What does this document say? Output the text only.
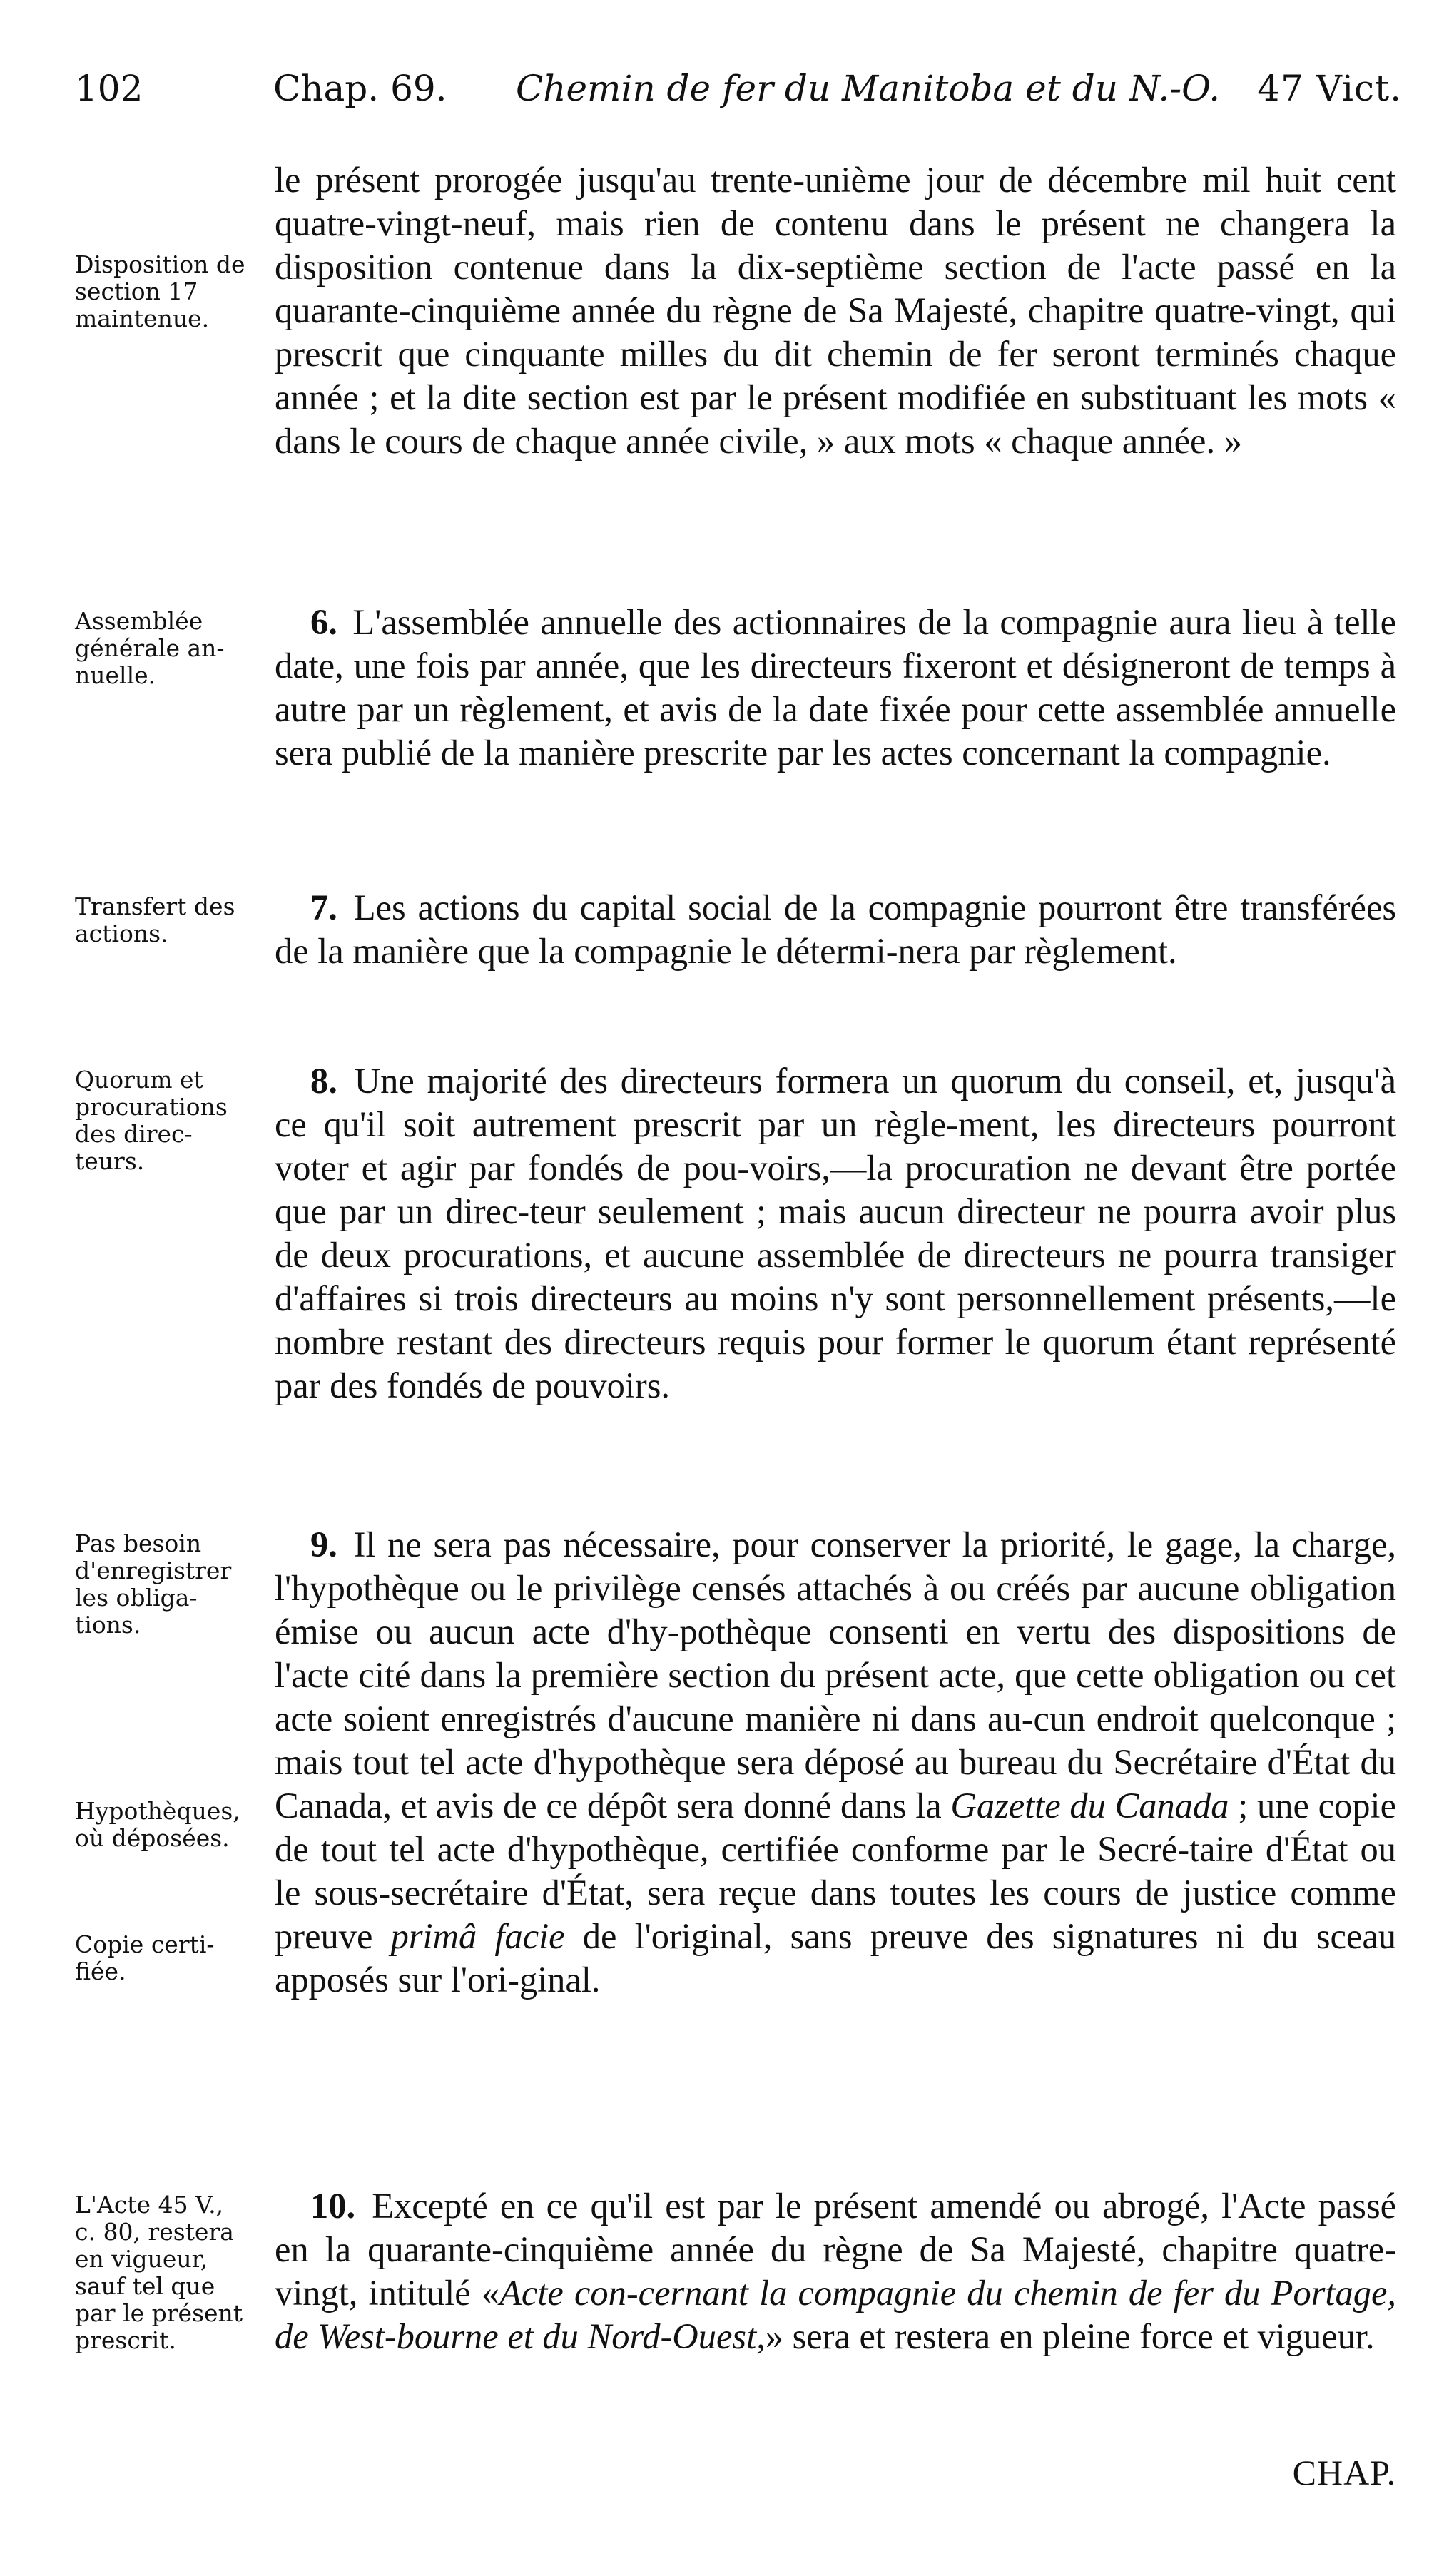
102	Chap. 69. Chemin de fer du Manitoba et du N.-O. 47 Vict.
Disposition de
section 17
maintenue.
Assemblée
générale an-
nuelle.
Transfert des
actions.
Quorum et
procurations
des direc-
teurs.
Pas besoin
d'enregistrer
les obliga-
tions.
Hypothèques,
où déposées.
Copie certi-
fiée.
L'Acte 45 V.,
c. 80, restera
en vigueur,
sauf tel que
par le présent
prescrit.

le présent prorogée jusqu'au trente-unième jour de décembre mil huit cent quatre-vingt-neuf, mais rien de contenu dans le présent ne changera la disposition contenue dans la dix-septième section de l'acte passé en la quarante-cinquième année du règne de Sa Majesté, chapitre quatre-vingt, qui prescrit que cinquante milles du dit chemin de fer seront terminés chaque année ; et la dite section est par le présent modifiée en substituant les mots « dans le cours de chaque année civile, » aux mots « chaque année. »

6. L'assemblée annuelle des actionnaires de la compagnie aura lieu à telle date, une fois par année, que les directeurs fixeront et désigneront de temps à autre par un règlement, et avis de la date fixée pour cette assemblée annuelle sera publié de la manière prescrite par les actes concernant la compagnie.

7. Les actions du capital social de la compagnie pourront être transférées de la manière que la compagnie le détermi-nera par règlement.

8. Une majorité des directeurs formera un quorum du conseil, et, jusqu'à ce qu'il soit autrement prescrit par un règle-ment, les directeurs pourront voter et agir par fondés de pou-voirs,—la procuration ne devant être portée que par un direc-teur seulement ; mais aucun directeur ne pourra avoir plus de deux procurations, et aucune assemblée de directeurs ne pourra transiger d'affaires si trois directeurs au moins n'y sont personnellement présents,—le nombre restant des directeurs requis pour former le quorum étant représenté par des fondés de pouvoirs.

9. Il ne sera pas nécessaire, pour conserver la priorité, le gage, la charge, l'hypothèque ou le privilège censés attachés à ou créés par aucune obligation émise ou aucun acte d'hy-pothèque consenti en vertu des dispositions de l'acte cité dans la première section du présent acte, que cette obligation ou cet acte soient enregistrés d'aucune manière ni dans au-cun endroit quelconque ; mais tout tel acte d'hypothèque sera déposé au bureau du Secrétaire d'État du Canada, et avis de ce dépôt sera donné dans la Gazette du Canada ; une copie de tout tel acte d'hypothèque, certifiée conforme par le Secré-taire d'État ou le sous-secrétaire d'État, sera reçue dans toutes les cours de justice comme preuve primâ facie de l'original, sans preuve des signatures ni du sceau apposés sur l'ori-ginal.

10. Excepté en ce qu'il est par le présent amendé ou abrogé, l'Acte passé en la quarante-cinquième année du règne de Sa Majesté, chapitre quatre-vingt, intitulé «Acte con-cernant la compagnie du chemin de fer du Portage, de West-bourne et du Nord-Ouest,» sera et restera en pleine force et vigueur.

CHAP.
